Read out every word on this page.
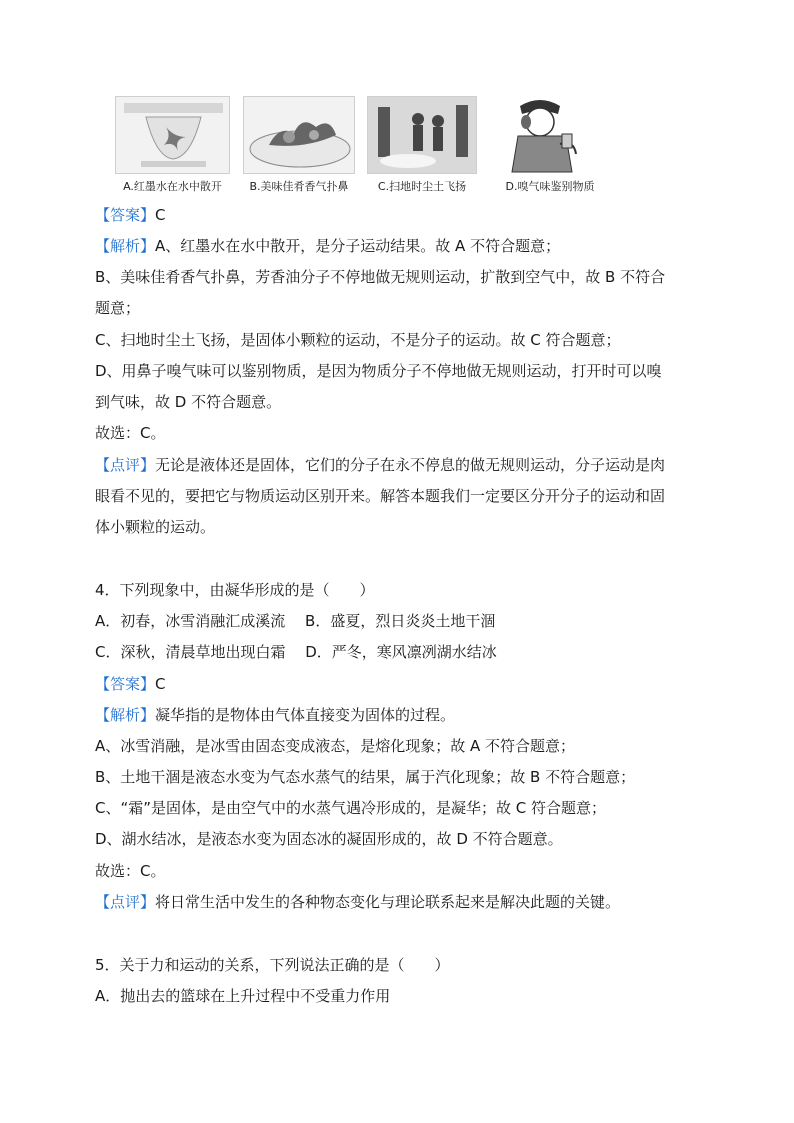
A.红墨水在水中散开	B.美味佳肴香气扑鼻	C.扫地时尘土飞扬	D.嗅气味鉴别物质
【答案】C
【解析】A、红墨水在水中散开，是分子运动结果。故 A 不符合题意；
B、美味佳肴香气扑鼻，芳香油分子不停地做无规则运动，扩散到空气中，故 B 不符合
题意；
C、扫地时尘土飞扬，是固体小颗粒的运动，不是分子的运动。故 C 符合题意；
D、用鼻子嗅气味可以鉴别物质，是因为物质分子不停地做无规则运动，打开时可以嗅
到气味，故 D 不符合题意。
故选：C。
【点评】无论是液体还是固体，它们的分子在永不停息的做无规则运动，分子运动是肉
眼看不见的，要把它与物质运动区别开来。解答本题我们一定要区分开分子的运动和固
体小颗粒的运动。
4．下列现象中，由凝华形成的是（　　）
A．初春，冰雪消融汇成溪流　 B．盛夏，烈日炎炎土地干涸
C．深秋，清晨草地出现白霜　 D．严冬，寒风凛冽湖水结冰
【答案】C
【解析】凝华指的是物体由气体直接变为固体的过程。
A、冰雪消融，是冰雪由固态变成液态，是熔化现象；故 A 不符合题意；
B、土地干涸是液态水变为气态水蒸气的结果，属于汽化现象；故 B 不符合题意；
C、“霜”是固体，是由空气中的水蒸气遇冷形成的，是凝华；故 C 符合题意；
D、湖水结冰，是液态水变为固态冰的凝固形成的，故 D 不符合题意。
故选：C。
【点评】将日常生活中发生的各种物态变化与理论联系起来是解决此题的关键。
5．关于力和运动的关系，下列说法正确的是（　　）
A．抛出去的篮球在上升过程中不受重力作用
